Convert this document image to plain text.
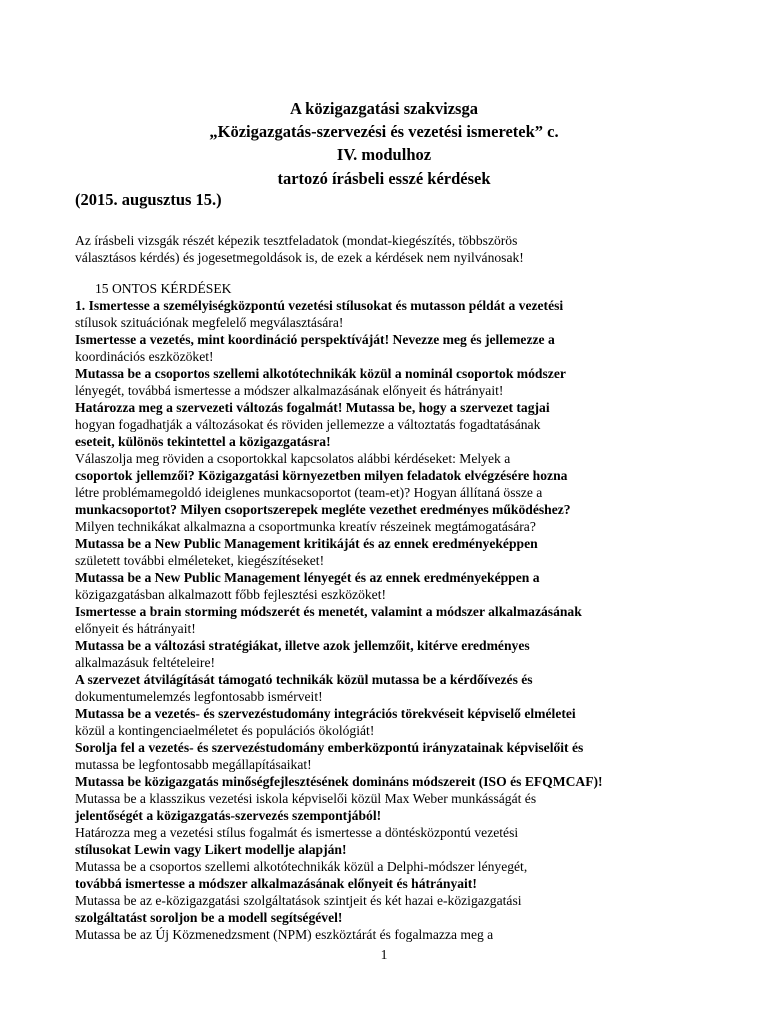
A közigazgatási szakvizsga
„Közigazgatás-szervezési és vezetési ismeretek” c.
IV. modulhoz
tartozó írásbeli esszé kérdések
(2015. augusztus 15.)
Az írásbeli vizsgák részét képezik tesztfeladatok (mondat-kiegészítés, többszörös
választásos kérdés) és jogesetmegoldások is, de ezek a kérdések nem nyilvánosak!
15 ONTOS KÉRDÉSEK
1. Ismertesse a személyiségközpontú vezetési stílusokat és mutasson példát a vezetési
stílusok szituációnak megfelelő megválasztására!
Ismertesse a vezetés, mint koordináció perspektíváját! Nevezze meg és jellemezze a
koordinációs eszközöket!
Mutassa be a csoportos szellemi alkotótechnikák közül a nominál csoportok módszer
lényegét, továbbá ismertesse a módszer alkalmazásának előnyeit és hátrányait!
Határozza meg a szervezeti változás fogalmát! Mutassa be, hogy a szervezet tagjai
hogyan fogadhatják a változásokat és röviden jellemezze a változtatás fogadtatásának
eseteit, különös tekintettel a közigazgatásra!
Válaszolja meg röviden a csoportokkal kapcsolatos alábbi kérdéseket: Melyek a
csoportok jellemzői? Közigazgatási környezetben milyen feladatok elvégzésére hozna
létre problémamegoldó ideiglenes munkacsoportot (team-et)? Hogyan állítaná össze a
munkacsoportot? Milyen csoportszerepek megléte vezethet eredményes működéshez?
Milyen technikákat alkalmazna a csoportmunka kreatív részeinek megtámogatására?
Mutassa be a New Public Management kritikáját és az ennek eredményeképpen
született további elméleteket, kiegészítéseket!
Mutassa be a New Public Management lényegét és az ennek eredményeképpen a
közigazgatásban alkalmazott főbb fejlesztési eszközöket!
Ismertesse a brain storming módszerét és menetét, valamint a módszer alkalmazásának
előnyeit és hátrányait!
Mutassa be a változási stratégiákat, illetve azok jellemzőit, kitérve eredményes
alkalmazásuk feltételeire!
A szervezet átvilágítását támogató technikák közül mutassa be a kérdőívezés és
dokumentumelemzés legfontosabb ismérveit!
Mutassa be a vezetés- és szervezéstudomány integrációs törekvéseit képviselő elméletei
közül a kontingenciaelméletet és populációs ökológiát!
Sorolja fel a vezetés- és szervezéstudomány emberközpontú irányzatainak képviselőit és
mutassa be legfontosabb megállapításaikat!
Mutassa be közigazgatás minőségfejlesztésének domináns módszereit (ISO és EFQMCAF)!
Mutassa be a klasszikus vezetési iskola képviselői közül Max Weber munkásságát és
jelentőségét a közigazgatás-szervezés szempontjából!
Határozza meg a vezetési stílus fogalmát és ismertesse a döntésközpontú vezetési
stílusokat Lewin vagy Likert modellje alapján!
Mutassa be a csoportos szellemi alkotótechnikák közül a Delphi-módszer lényegét,
továbbá ismertesse a módszer alkalmazásának előnyeit és hátrányait!
Mutassa be az e-közigazgatási szolgáltatások szintjeit és két hazai e-közigazgatási
szolgáltatást soroljon be a modell segítségével!
Mutassa be az Új Közmenedzsment (NPM) eszköztárát és fogalmazza meg a
1
